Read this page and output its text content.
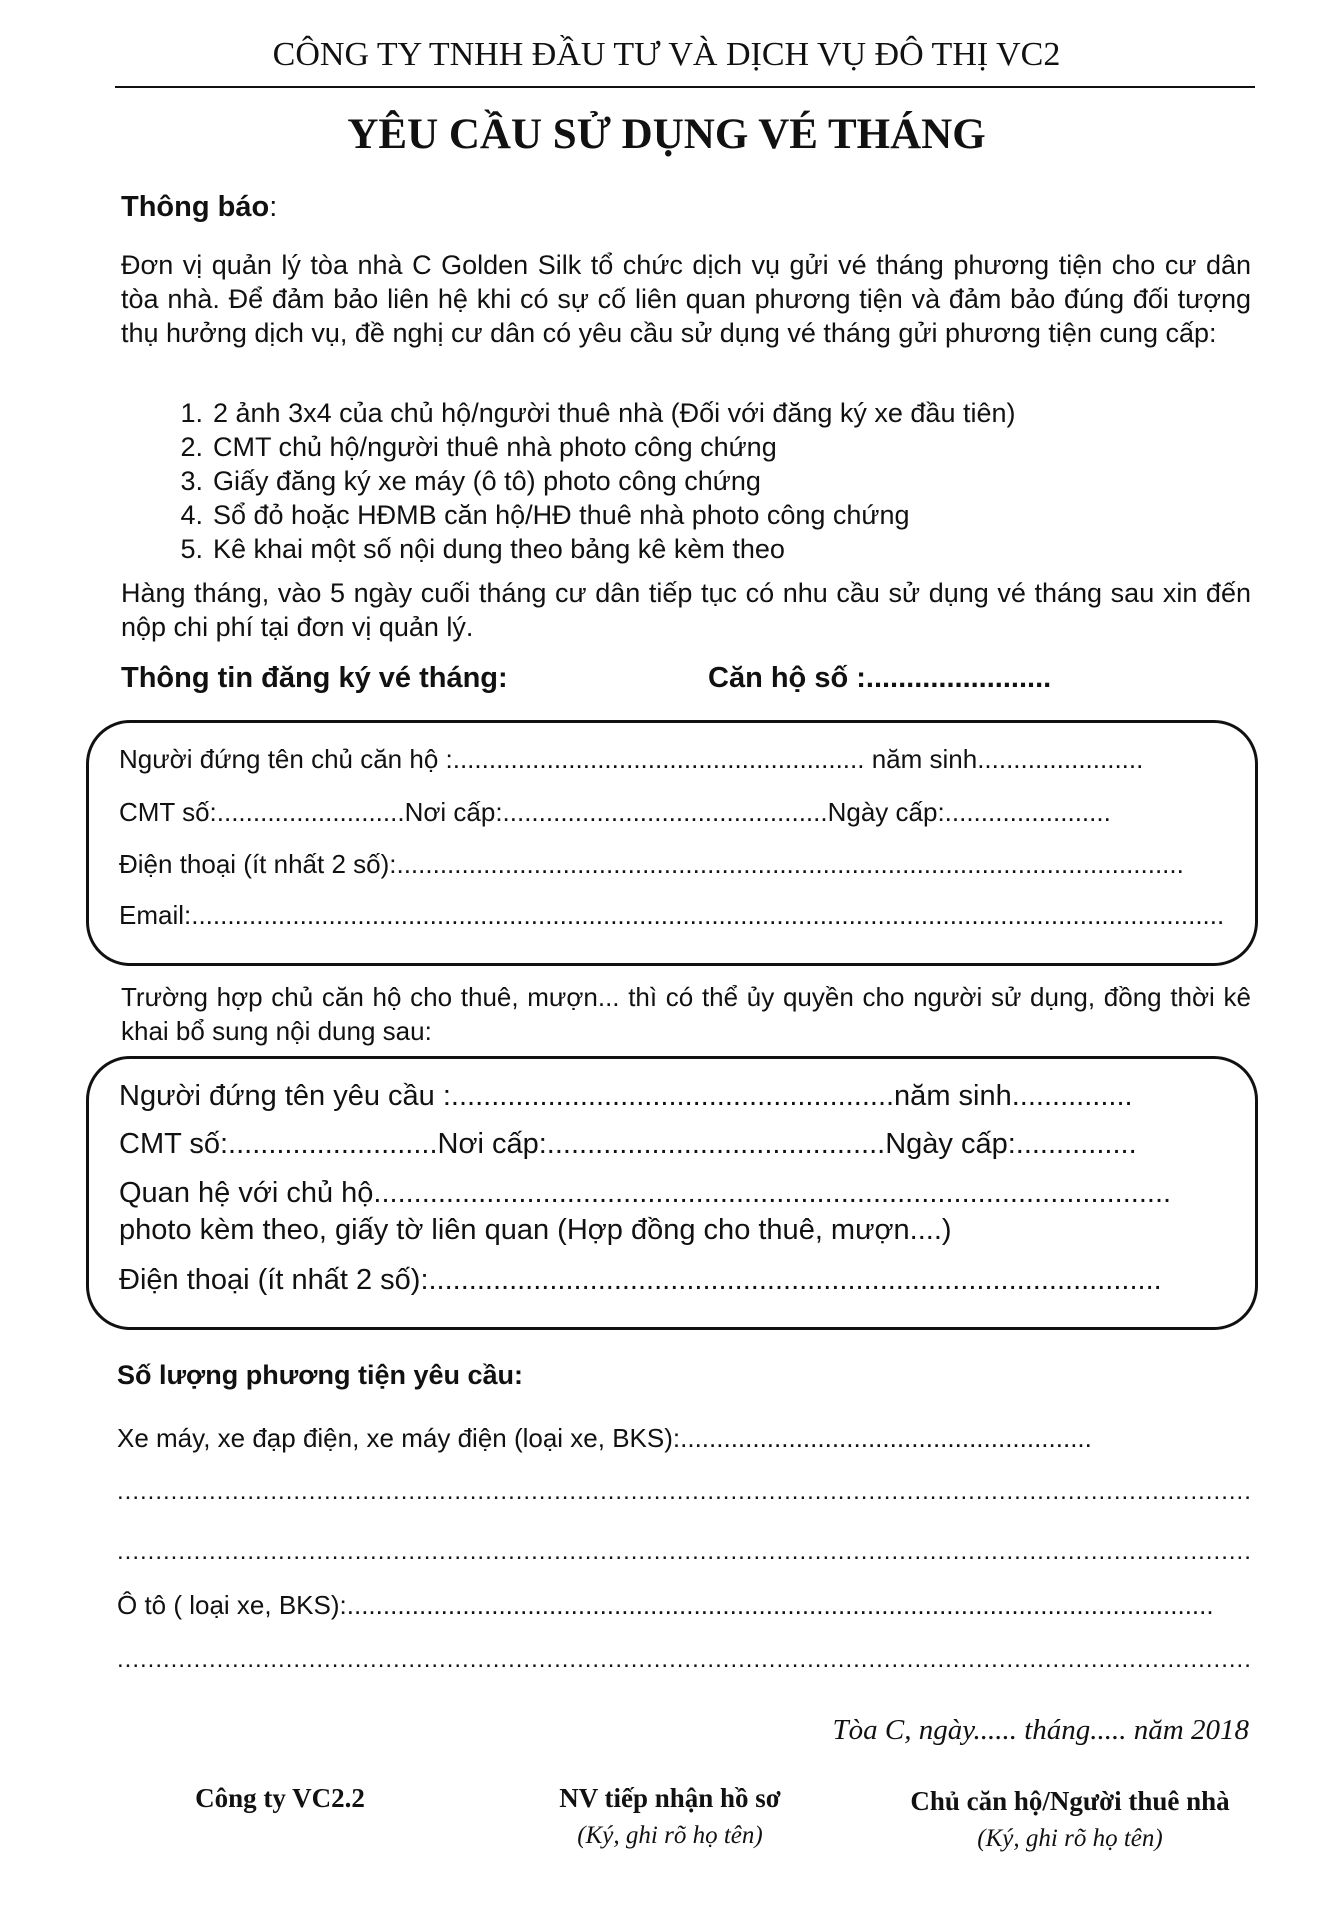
CÔNG TY TNHH ĐẦU TƯ VÀ DỊCH VỤ ĐÔ THỊ VC2
YÊU CẦU SỬ DỤNG VÉ THÁNG
Thông báo:
Đơn vị quản lý tòa nhà C Golden Silk tổ chức dịch vụ gửi vé tháng phương tiện cho cư dân tòa nhà. Để đảm bảo liên hệ khi có sự cố liên quan phương tiện và đảm bảo đúng đối tượng thụ hưởng dịch vụ, đề nghị cư dân có yêu cầu sử dụng vé tháng gửi phương tiện cung cấp:
1. 2 ảnh 3x4 của chủ hộ/người thuê nhà (Đối với đăng ký xe đầu tiên)
2. CMT chủ hộ/người thuê nhà photo công chứng
3. Giấy đăng ký xe máy (ô tô) photo công chứng
4. Sổ đỏ hoặc HĐMB căn hộ/HĐ thuê nhà photo công chứng
5. Kê khai một số nội dung theo bảng kê kèm theo
Hàng tháng, vào 5 ngày cuối tháng cư dân tiếp tục có nhu cầu sử dụng vé tháng sau xin đến nộp chi phí tại đơn vị quản lý.
Thông tin đăng ký vé tháng:	Căn hộ số :.......................
Người đứng tên chủ căn hộ :......................................................... năm sinh.......................
CMT số:..........................Nơi cấp:.............................................Ngày cấp:.......................
Điện thoại (ít nhất 2 số):.............................................................................................................
Email:...............................................................................................................................................
Trường hợp chủ căn hộ cho thuê, mượn... thì có thể ủy quyền cho người sử dụng, đồng thời kê khai bổ sung nội dung sau:
Người đứng tên yêu cầu :.......................................................năm sinh...............
CMT số:..........................Nơi cấp:..........................................Ngày cấp:...............
Quan hệ với chủ hộ...................................................................................................
photo kèm theo, giấy tờ liên quan (Hợp đồng cho thuê, mượn....)
Điện thoại (ít nhất 2 số):...........................................................................................
Số lượng phương tiện yêu cầu:
Xe máy, xe đạp điện, xe máy điện (loại xe, BKS):.........................................................
....................................................................................................................................................
....................................................................................................................................................
Ô tô ( loại xe, BKS):........................................................................................................................
....................................................................................................................................................
Tòa C, ngày...... tháng..... năm 2018
Công ty VC2.2	NV tiếp nhận hồ sơ
(Ký, ghi rõ họ tên)
Chủ căn hộ/Người thuê nhà
(Ký, ghi rõ họ tên)
